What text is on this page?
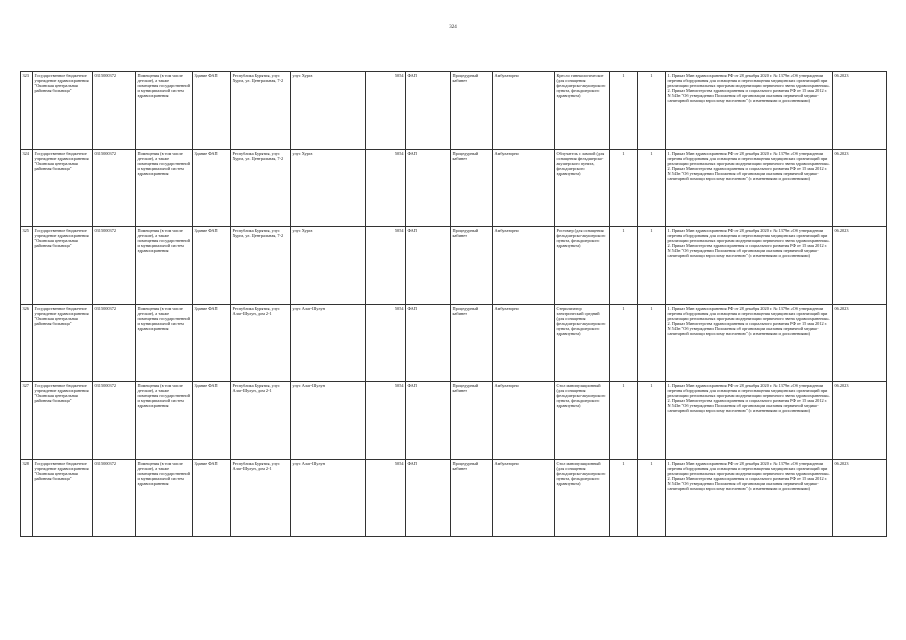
324
323	Государственное бюджетное учреждение здравоохранения "Окинская центральная районная больница"	0315000372	Помещения (в том числе детские), а также помещения государственной и муниципальной систем здравоохранения	Здание ФАП	Республика Бурятия, улус Хурга, ул. Центральная, 7-2	улус Хурга	5054	ФАП	Процедурный кабинет	Амбулаторно	Кресло гинекологическое (для оснащения фельдшерско-акушерского пункта, фельдшерского здравпункта)	1	1	1. Приказ Мин здравоохранения РФ от 28 декабря 2020 г. № 1379н «Об утверждении перечня оборудования для оснащения и переоснащения медицинских организаций при реализации региональных программ модернизации первичного звена здравоохранения». 2. Приказ Министерства здравоохранения и социального развития РФ от 15 мая 2012 г. N 543н "Об утверждении Положения об организации оказания первичной медико-санитарной помощи взрослому населению" (с изменениями и дополнениями)	06.2023
324	Государственное бюджетное учреждение здравоохранения "Окинская центральная районная больница"	0315000372	Помещения (в том числе детские), а также помещения государственной и муниципальной систем здравоохранения	Здание ФАП	Республика Бурятия, улус Хурга, ул. Центральная, 7-2	улус Хурга	5054	ФАП	Процедурный кабинет	Амбулаторно	Облучатель с лампой (для оснащения фельдшерско-акушерского пункта, фельдшерского здравпункта)	1	1	1. Приказ Мин здравоохранения РФ от 28 декабря 2020 г. № 1379н «Об утверждении перечня оборудования для оснащения и переоснащения медицинских организаций при реализации региональных программ модернизации первичного звена здравоохранения». 2. Приказ Министерства здравоохранения и социального развития РФ от 15 мая 2012 г. N 543н "Об утверждении Положения об организации оказания первичной медико-санитарной помощи взрослому населению" (с изменениями и дополнениями)	06.2023
325	Государственное бюджетное учреждение здравоохранения "Окинская центральная районная больница"	0315000372	Помещения (в том числе детские), а также помещения государственной и муниципальной систем здравоохранения	Здание ФАП	Республика Бурятия, улус Хурга, ул. Центральная, 7-2	улус Хурга	5054	ФАП	Процедурный кабинет	Амбулаторно	Ростомер (для оснащения фельдшерско-акушерского пункта, фельдшерского здравпункта)	1	1	1. Приказ Мин здравоохранения РФ от 28 декабря 2020 г. № 1379н «Об утверждении перечня оборудования для оснащения и переоснащения медицинских организаций при реализации региональных программ модернизации первичного звена здравоохранения». 2. Приказ Министерства здравоохранения и социального развития РФ от 15 мая 2012 г. N 543н "Об утверждении Положения об организации оказания первичной медико-санитарной помощи взрослому населению" (с изменениями и дополнениями)	06.2023
326	Государственное бюджетное учреждение здравоохранения "Окинская центральная районная больница"	0315000372	Помещения (в том числе детские), а также помещения государственной и муниципальной систем здравоохранения	Здание ФАП	Республика Бурятия, улус Алаг-Шулун, дом 2-1	улус Алаг-Шулун	5054	ФАП	Процедурный кабинет	Амбулаторно	Стерилизатор электрический средний (для оснащения фельдшерско-акушерского пункта, фельдшерского здравпункта)	1	1	1. Приказ Мин здравоохранения РФ от 28 декабря 2020 г. № 1379н «Об утверждении перечня оборудования для оснащения и переоснащения медицинских организаций при реализации региональных программ модернизации первичного звена здравоохранения». 2. Приказ Министерства здравоохранения и социального развития РФ от 15 мая 2012 г. N 543н "Об утверждении Положения об организации оказания первичной медико-санитарной помощи взрослому населению" (с изменениями и дополнениями)	06.2023
327	Государственное бюджетное учреждение здравоохранения "Окинская центральная районная больница"	0315000372	Помещения (в том числе детские), а также помещения государственной и муниципальной систем здравоохранения	Здание ФАП	Республика Бурятия, улус Алаг-Шулун, дом 2-1	улус Алаг-Шулун	5054	ФАП	Процедурный кабинет	Амбулаторно	Стол манипуляционный (для оснащения фельдшерско-акушерского пункта, фельдшерского здравпункта)	1	1	1. Приказ Мин здравоохранения РФ от 28 декабря 2020 г. № 1379н «Об утверждении перечня оборудования для оснащения и переоснащения медицинских организаций при реализации региональных программ модернизации первичного звена здравоохранения». 2. Приказ Министерства здравоохранения и социального развития РФ от 15 мая 2012 г. N 543н "Об утверждении Положения об организации оказания первичной медико-санитарной помощи взрослому населению" (с изменениями и дополнениями)	06.2023
328	Государственное бюджетное учреждение здравоохранения "Окинская центральная районная больница"	0315000372	Помещения (в том числе детские), а также помещения государственной и муниципальной систем здравоохранения	Здание ФАП	Республика Бурятия, улус Алаг-Шулун, дом 2-1	улус Алаг-Шулун	5054	ФАП	Процедурный кабинет	Амбулаторно	Стол манипуляционный (для оснащения фельдшерско-акушерского пункта, фельдшерского здравпункта)	1	1	1. Приказ Мин здравоохранения РФ от 28 декабря 2020 г. № 1379н «Об утверждении перечня оборудования для оснащения и переоснащения медицинских организаций при реализации региональных программ модернизации первичного звена здравоохранения». 2. Приказ Министерства здравоохранения и социального развития РФ от 15 мая 2012 г. N 543н "Об утверждении Положения об организации оказания первичной медико-санитарной помощи взрослому населению" (с изменениями и дополнениями)	06.2023
